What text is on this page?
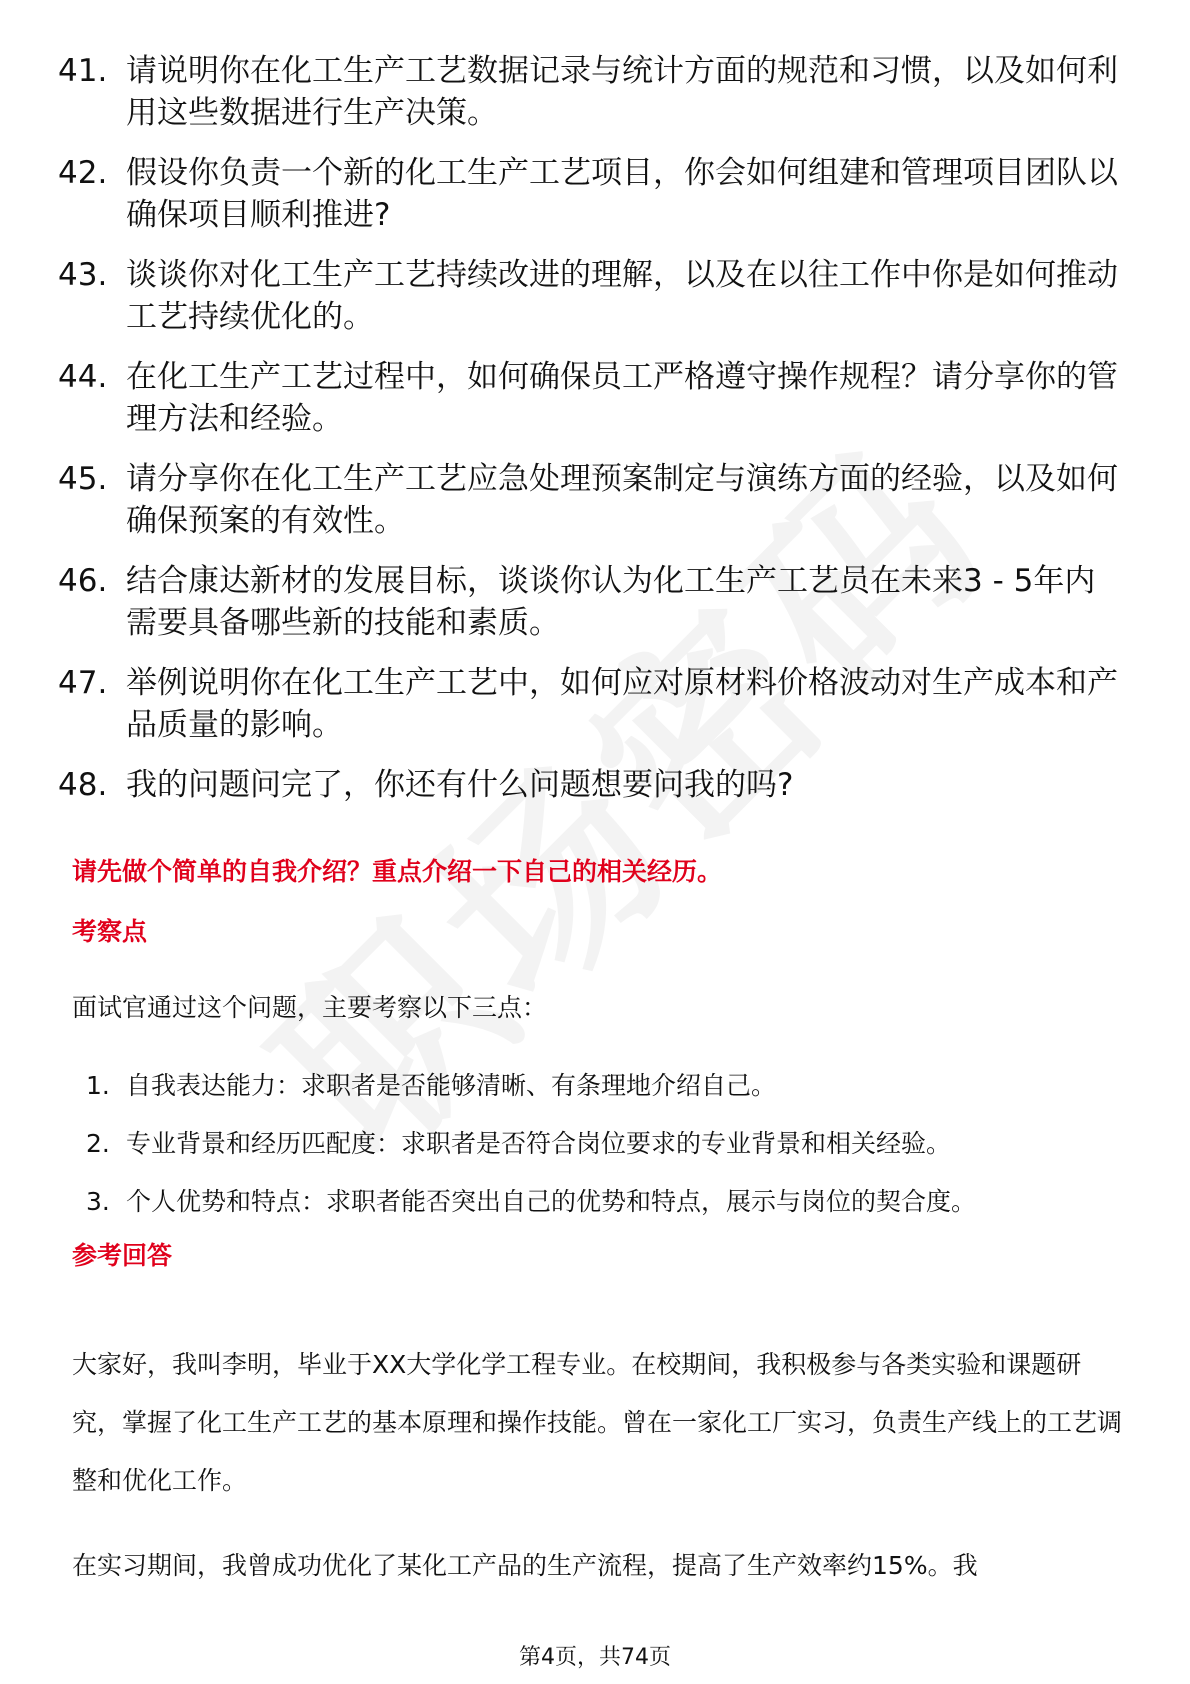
41. 请说明你在化工生产工艺数据记录与统计方面的规范和习惯，以及如何利用这些数据进行生产决策。
42. 假设你负责一个新的化工生产工艺项目，你会如何组建和管理项目团队以确保项目顺利推进?
43. 谈谈你对化工生产工艺持续改进的理解，以及在以往工作中你是如何推动工艺持续优化的。
44. 在化工生产工艺过程中，如何确保员工严格遵守操作规程？请分享你的管理方法和经验。
45. 请分享你在化工生产工艺应急处理预案制定与演练方面的经验，以及如何确保预案的有效性。
46. 结合康达新材的发展目标，谈谈你认为化工生产工艺员在未来3 - 5年内需要具备哪些新的技能和素质。
47. 举例说明你在化工生产工艺中，如何应对原材料价格波动对生产成本和产品质量的影响。
48. 我的问题问完了，你还有什么问题想要问我的吗?
请先做个简单的自我介绍？重点介绍一下自己的相关经历。
考察点
面试官通过这个问题，主要考察以下三点：
1. 自我表达能力：求职者是否能够清晰、有条理地介绍自己。
2. 专业背景和经历匹配度：求职者是否符合岗位要求的专业背景和相关经验。
3. 个人优势和特点：求职者能否突出自己的优势和特点，展示与岗位的契合度。
参考回答
大家好，我叫李明，毕业于XX大学化学工程专业。在校期间，我积极参与各类实验和课题研究，掌握了化工生产工艺的基本原理和操作技能。曾在一家化工厂实习，负责生产线上的工艺调整和优化工作。
在实习期间，我曾成功优化了某化工产品的生产流程，提高了生产效率约15%。我
第4页，共74页
